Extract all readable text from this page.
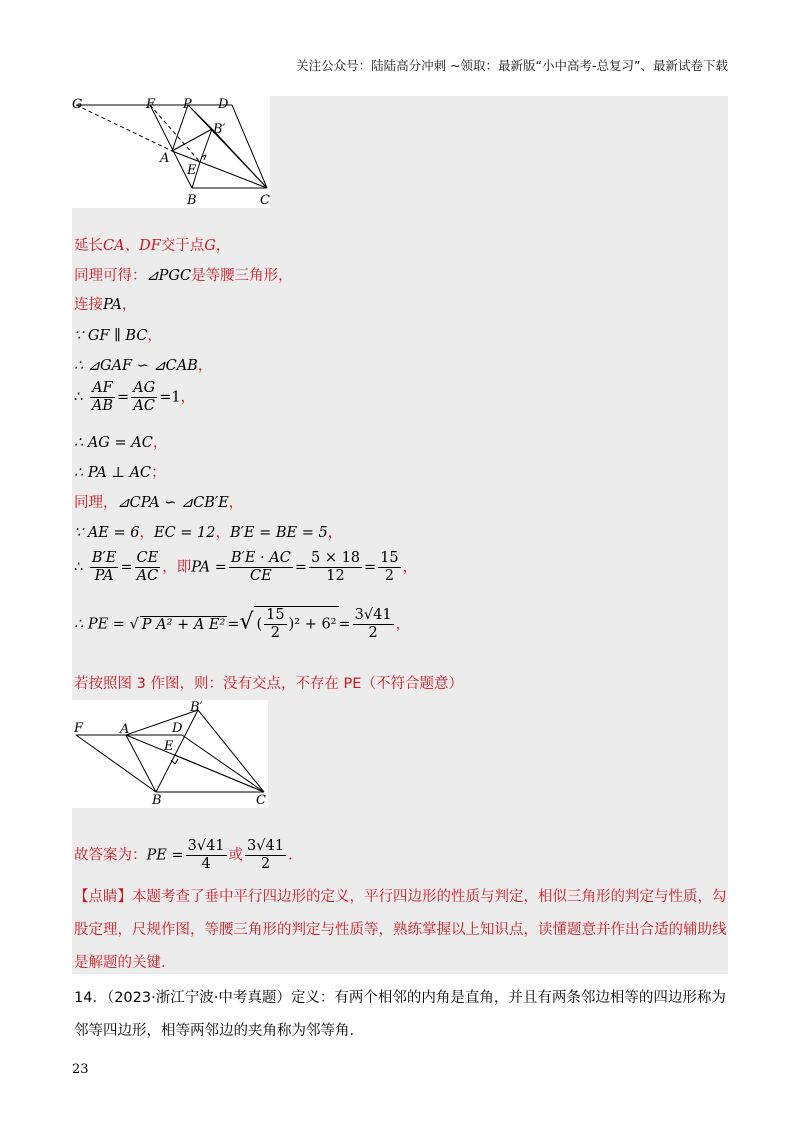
关注公众号：陆陆高分冲刺 ~领取：最新版“小中高考-总复习”、最新试卷下载
G	F P D
B′
A
E
B	C
延长CA、DF交于点G，
同理可得：⊿PGC是等腰三角形，
连接PA，
∵ GF ∥ BC，
∴ ⊿GAF ∽ ⊿CAB，
∴ $\frac{AF}{AB} = \frac{AG}{AC} =1$，
∴ AG = AC，
∴ PA ⊥ AC；
同理，⊿CPA ∽ ⊿CB′E，
∵ AE = 6，EC = 12，B′E = BE = 5，
∴ $\frac{B'E}{PA} = \frac{CE}{AC}$ ，即PA = $\frac{B'E \cdot AC}{CE} = \frac{5 \times 18}{12} = \frac{15}{2}$ ，
∴ PE = √ P A² + A E² =√ ( $\frac{15}{2} )^2 + 6^2 = \frac{3√41}{2}$ ，
若按照图 3 作图，则：没有交点，不存在 PE（不符合题意）
F	A	D
B′
E
B	C
故答案为：PE = $\frac{3√41}{4}$ 或 $\frac{3√41}{2}$ .
【点睛】本题考查了垂中平行四边形的定义，平行四边形的性质与判定，相似三角形的判定与性质，勾股定理，尺规作图，等腰三角形的判定与性质等，熟练掌握以上知识点，读懂题意并作出合适的辅助线是解题的关键．
14．（2023·浙江宁波·中考真题）定义：有两个相邻的内角是直角，并且有两条邻边相等的四边形称为邻等四边形，相等两邻边的夹角称为邻等角．
23
